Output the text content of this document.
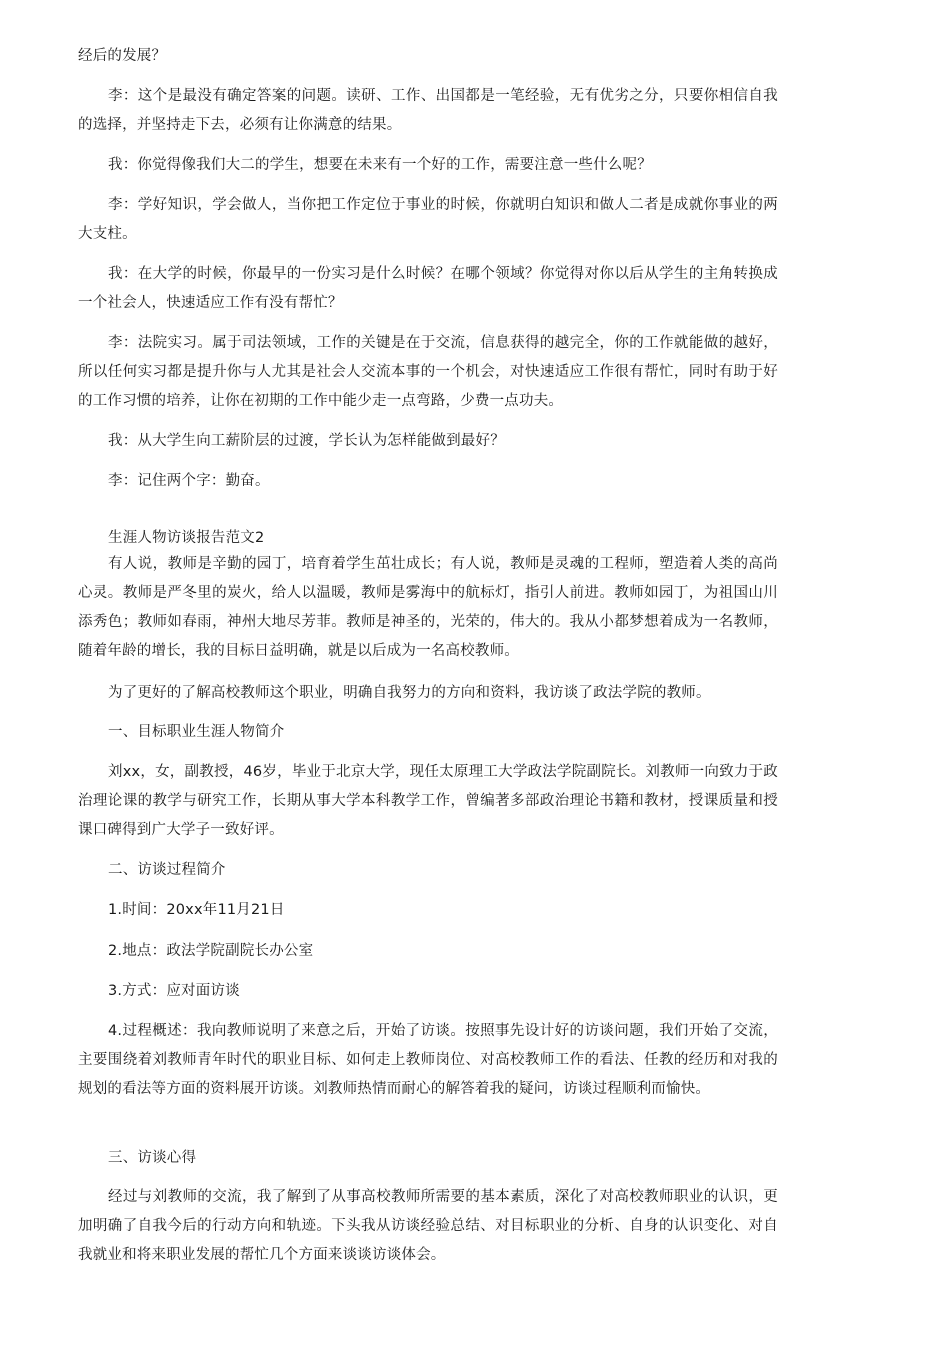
经后的发展？

李：这个是最没有确定答案的问题。读研、工作、出国都是一笔经验，无有优劣之分，只要你相信自我的选择，并坚持走下去，必须有让你满意的结果。

我：你觉得像我们大二的学生，想要在未来有一个好的工作，需要注意一些什么呢？

李：学好知识，学会做人，当你把工作定位于事业的时候，你就明白知识和做人二者是成就你事业的两大支柱。

我：在大学的时候，你最早的一份实习是什么时候？在哪个领域？你觉得对你以后从学生的主角转换成一个社会人，快速适应工作有没有帮忙？

李：法院实习。属于司法领域，工作的关键是在于交流，信息获得的越完全，你的工作就能做的越好，所以任何实习都是提升你与人尤其是社会人交流本事的一个机会，对快速适应工作很有帮忙，同时有助于好的工作习惯的培养，让你在初期的工作中能少走一点弯路，少费一点功夫。

我：从大学生向工薪阶层的过渡，学长认为怎样能做到最好？

李：记住两个字：勤奋。

生涯人物访谈报告范文2

有人说，教师是辛勤的园丁，培育着学生茁壮成长；有人说，教师是灵魂的工程师，塑造着人类的高尚心灵。教师是严冬里的炭火，给人以温暖，教师是雾海中的航标灯，指引人前进。教师如园丁，为祖国山川添秀色；教师如春雨，神州大地尽芳菲。教师是神圣的，光荣的，伟大的。我从小都梦想着成为一名教师，随着年龄的增长，我的目标日益明确，就是以后成为一名高校教师。

为了更好的了解高校教师这个职业，明确自我努力的方向和资料，我访谈了政法学院的教师。

一、目标职业生涯人物简介

刘xx，女，副教授，46岁，毕业于北京大学，现任太原理工大学政法学院副院长。刘教师一向致力于政治理论课的教学与研究工作，长期从事大学本科教学工作，曾编著多部政治理论书籍和教材，授课质量和授课口碑得到广大学子一致好评。

二、访谈过程简介

1.时间：20xx年11月21日

2.地点：政法学院副院长办公室

3.方式：应对面访谈

4.过程概述：我向教师说明了来意之后，开始了访谈。按照事先设计好的访谈问题，我们开始了交流，主要围绕着刘教师青年时代的职业目标、如何走上教师岗位、对高校教师工作的看法、任教的经历和对我的规划的看法等方面的资料展开访谈。刘教师热情而耐心的解答着我的疑问，访谈过程顺利而愉快。

三、访谈心得

经过与刘教师的交流，我了解到了从事高校教师所需要的基本素质，深化了对高校教师职业的认识，更加明确了自我今后的行动方向和轨迹。下头我从访谈经验总结、对目标职业的分析、自身的认识变化、对自我就业和将来职业发展的帮忙几个方面来谈谈访谈体会。
